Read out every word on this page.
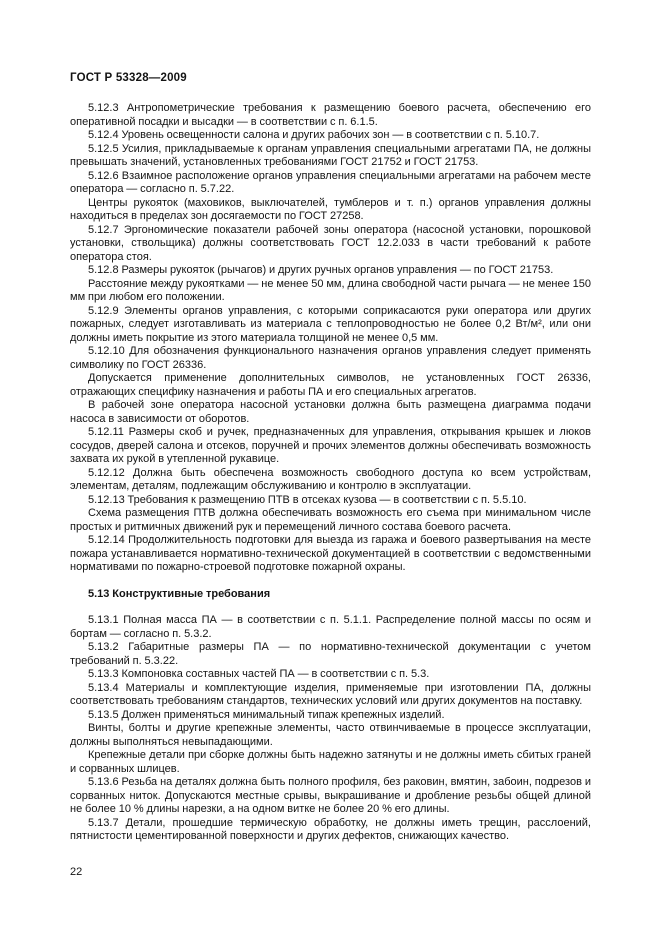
ГОСТ Р 53328—2009

5.12.3 Антропометрические требования к размещению боевого расчета, обеспечению его оперативной посадки и высадки — в соответствии с п. 6.1.5.

5.12.4 Уровень освещенности салона и других рабочих зон — в соответствии с п. 5.10.7.

5.12.5 Усилия, прикладываемые к органам управления специальными агрегатами ПА, не должны превышать значений, установленных требованиями ГОСТ 21752 и ГОСТ 21753.

5.12.6 Взаимное расположение органов управления специальными агрегатами на рабочем месте оператора — согласно п. 5.7.22.

Центры рукояток (маховиков, выключателей, тумблеров и т. п.) органов управления должны находиться в пределах зон досягаемости по ГОСТ 27258.

5.12.7 Эргономические показатели рабочей зоны оператора (насосной установки, порошковой установки, ствольщика) должны соответствовать ГОСТ 12.2.033 в части требований к работе оператора стоя.

5.12.8 Размеры рукояток (рычагов) и других ручных органов управления — по ГОСТ 21753.

Расстояние между рукоятками — не менее 50 мм, длина свободной части рычага — не менее 150 мм при любом его положении.

5.12.9 Элементы органов управления, с которыми соприкасаются руки оператора или других пожарных, следует изготавливать из материала с теплопроводностью не более 0,2 Вт/м², или они должны иметь покрытие из этого материала толщиной не менее 0,5 мм.

5.12.10 Для обозначения функционального назначения органов управления следует применять символику по ГОСТ 26336.

Допускается применение дополнительных символов, не установленных ГОСТ 26336, отражающих специфику назначения и работы ПА и его специальных агрегатов.

В рабочей зоне оператора насосной установки должна быть размещена диаграмма подачи насоса в зависимости от оборотов.

5.12.11 Размеры скоб и ручек, предназначенных для управления, открывания крышек и люков сосудов, дверей салона и отсеков, поручней и прочих элементов должны обеспечивать возможность захвата их рукой в утепленной рукавице.

5.12.12 Должна быть обеспечена возможность свободного доступа ко всем устройствам, элементам, деталям, подлежащим обслуживанию и контролю в эксплуатации.

5.12.13 Требования к размещению ПТВ в отсеках кузова — в соответствии с п. 5.5.10.

Схема размещения ПТВ должна обеспечивать возможность его съема при минимальном числе простых и ритмичных движений рук и перемещений личного состава боевого расчета.

5.12.14 Продолжительность подготовки для выезда из гаража и боевого развертывания на месте пожара устанавливается нормативно-технической документацией в соответствии с ведомственными нормативами по пожарно-строевой подготовке пожарной охраны.

5.13 Конструктивные требования

5.13.1 Полная масса ПА — в соответствии с п. 5.1.1. Распределение полной массы по осям и бортам — согласно п. 5.3.2.

5.13.2 Габаритные размеры ПА — по нормативно-технической документации с учетом требований п. 5.3.22.

5.13.3 Компоновка составных частей ПА — в соответствии с п. 5.3.

5.13.4 Материалы и комплектующие изделия, применяемые при изготовлении ПА, должны соответствовать требованиям стандартов, технических условий или других документов на поставку.

5.13.5 Должен применяться минимальный типаж крепежных изделий.

Винты, болты и другие крепежные элементы, часто отвинчиваемые в процессе эксплуатации, должны выполняться невыпадающими.

Крепежные детали при сборке должны быть надежно затянуты и не должны иметь сбитых граней и сорванных шлицев.

5.13.6 Резьба на деталях должна быть полного профиля, без раковин, вмятин, забоин, подрезов и сорванных ниток. Допускаются местные срывы, выкрашивание и дробление резьбы общей длиной не более 10 % длины нарезки, а на одном витке не более 20 % его длины.

5.13.7 Детали, прошедшие термическую обработку, не должны иметь трещин, расслоений, пятнистости цементированной поверхности и других дефектов, снижающих качество.

22
